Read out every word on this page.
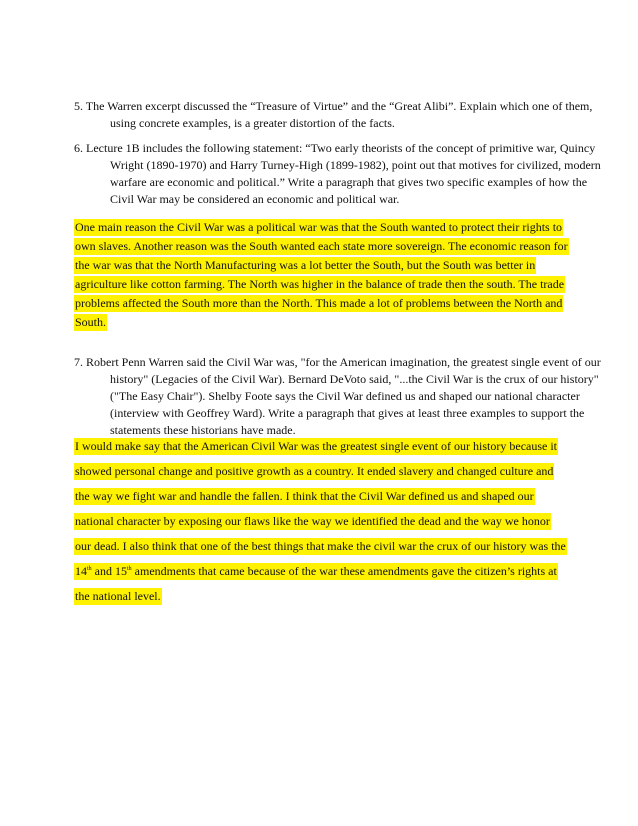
5. The Warren excerpt discussed the “Treasure of Virtue” and the “Great Alibi”. Explain which one of them, using concrete examples, is a greater distortion of the facts.
6. Lecture 1B includes the following statement: “Two early theorists of the concept of primitive war, Quincy Wright (1890-1970) and Harry Turney-High (1899-1982), point out that motives for civilized, modern warfare are economic and political.” Write a paragraph that gives two specific examples of how the Civil War may be considered an economic and political war.
One main reason the Civil War was a political war was that the South wanted to protect their rights to own slaves. Another reason was the South wanted each state more sovereign. The economic reason for the war was that the North Manufacturing was a lot better the South, but the South was better in agriculture like cotton farming. The North was higher in the balance of trade then the south. The trade problems affected the South more than the North. This made a lot of problems between the North and South.
7. Robert Penn Warren said the Civil War was, "for the American imagination, the greatest single event of our history" (Legacies of the Civil War). Bernard DeVoto said, "...the Civil War is the crux of our history" ("The Easy Chair"). Shelby Foote says the Civil War defined us and shaped our national character (interview with Geoffrey Ward). Write a paragraph that gives at least three examples to support the statements these historians have made.
I would make say that the American Civil War was the greatest single event of our history because it showed personal change and positive growth as a country. It ended slavery and changed culture and the way we fight war and handle the fallen. I think that the Civil War defined us and shaped our national character by exposing our flaws like the way we identified the dead and the way we honor our dead. I also think that one of the best things that make the civil war the crux of our history was the 14th and 15th amendments that came because of the war these amendments gave the citizen’s rights at the national level.
